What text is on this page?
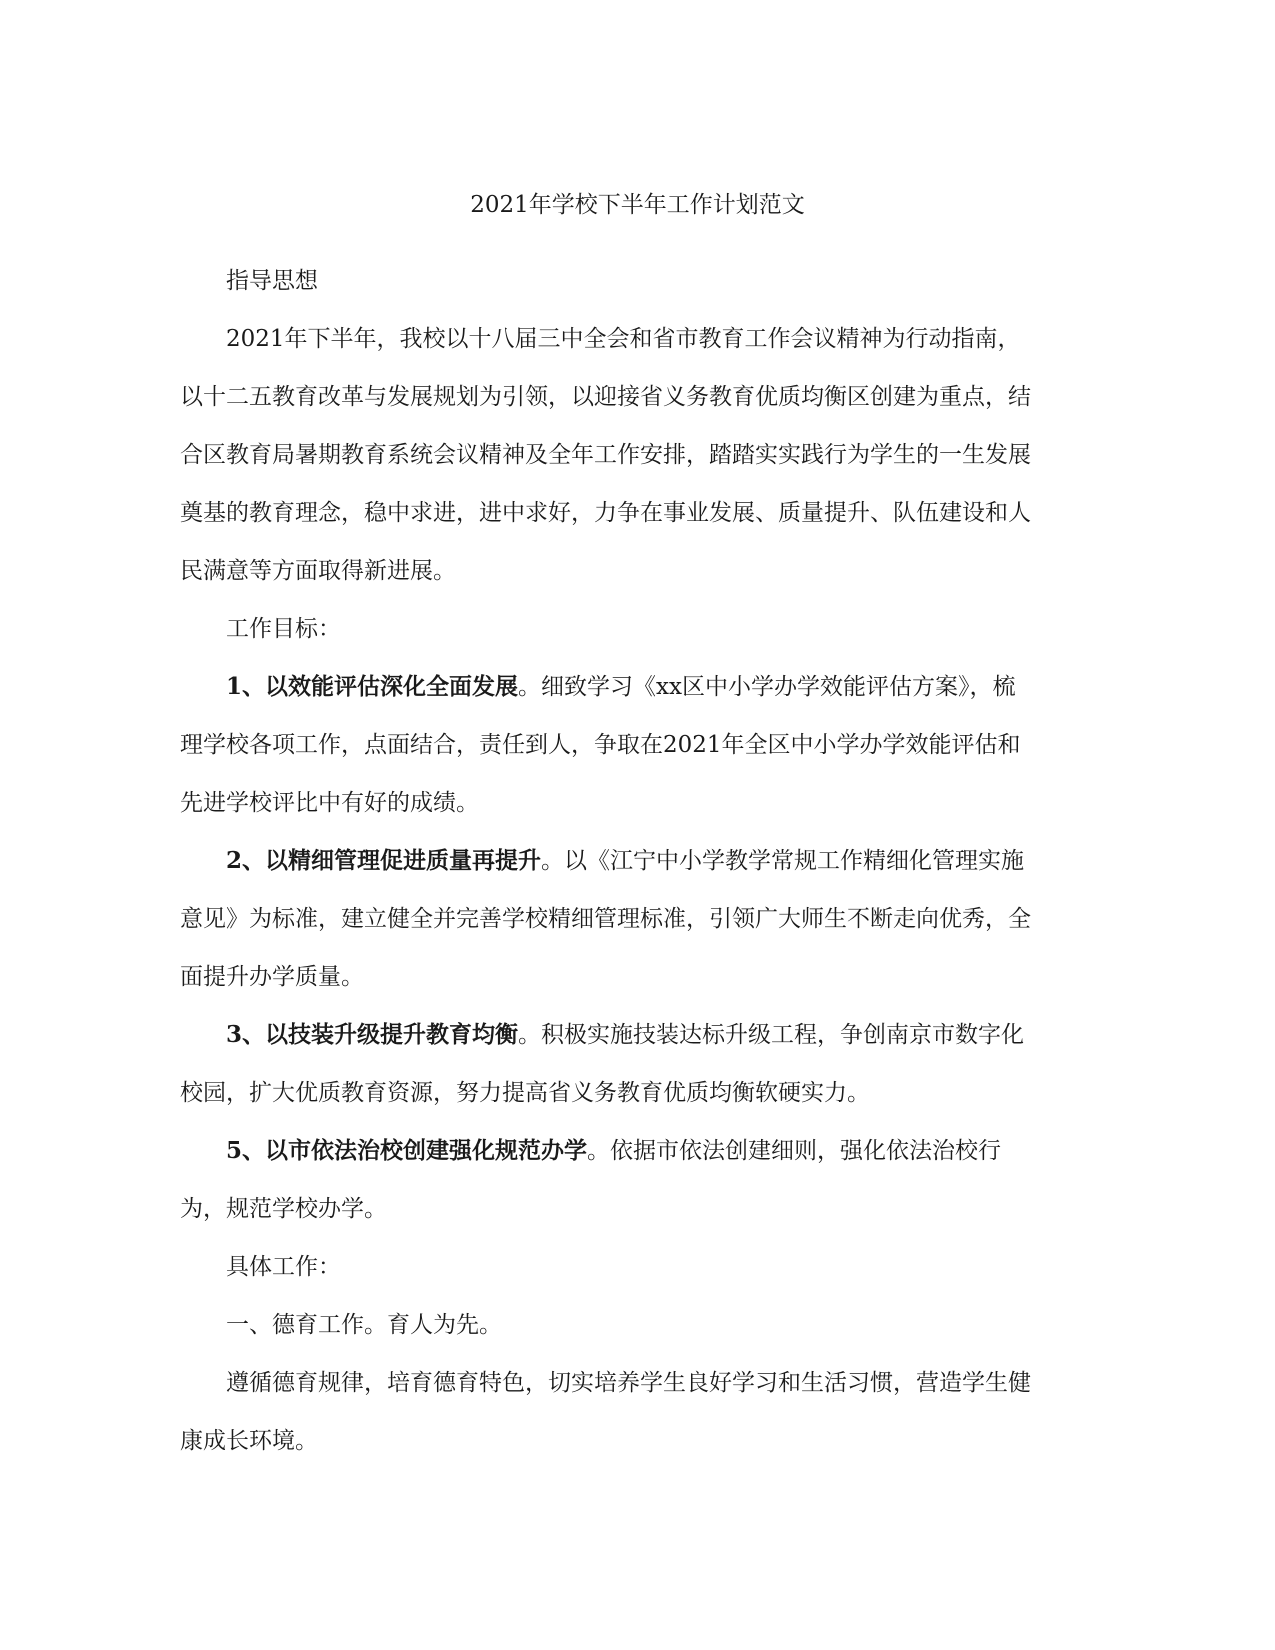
2021年学校下半年工作计划范文

指导思想

2021年下半年，我校以十八届三中全会和省市教育工作会议精神为行动指南，以十二五教育改革与发展规划为引领，以迎接省义务教育优质均衡区创建为重点，结合区教育局暑期教育系统会议精神及全年工作安排，踏踏实实践行为学生的一生发展奠基的教育理念，稳中求进，进中求好，力争在事业发展、质量提升、队伍建设和人民满意等方面取得新进展。

工作目标：

1、以效能评估深化全面发展。细致学习《xx区中小学办学效能评估方案》，梳理学校各项工作，点面结合，责任到人，争取在2021年全区中小学办学效能评估和先进学校评比中有好的成绩。

2、以精细管理促进质量再提升。以《江宁中小学教学常规工作精细化管理实施意见》为标准，建立健全并完善学校精细管理标准，引领广大师生不断走向优秀，全面提升办学质量。

3、以技装升级提升教育均衡。积极实施技装达标升级工程，争创南京市数字化校园，扩大优质教育资源，努力提高省义务教育优质均衡软硬实力。

5、以市依法治校创建强化规范办学。依据市依法创建细则，强化依法治校行为，规范学校办学。

具体工作：

一、德育工作。育人为先。

遵循德育规律，培育德育特色，切实培养学生良好学习和生活习惯，营造学生健康成长环境。
